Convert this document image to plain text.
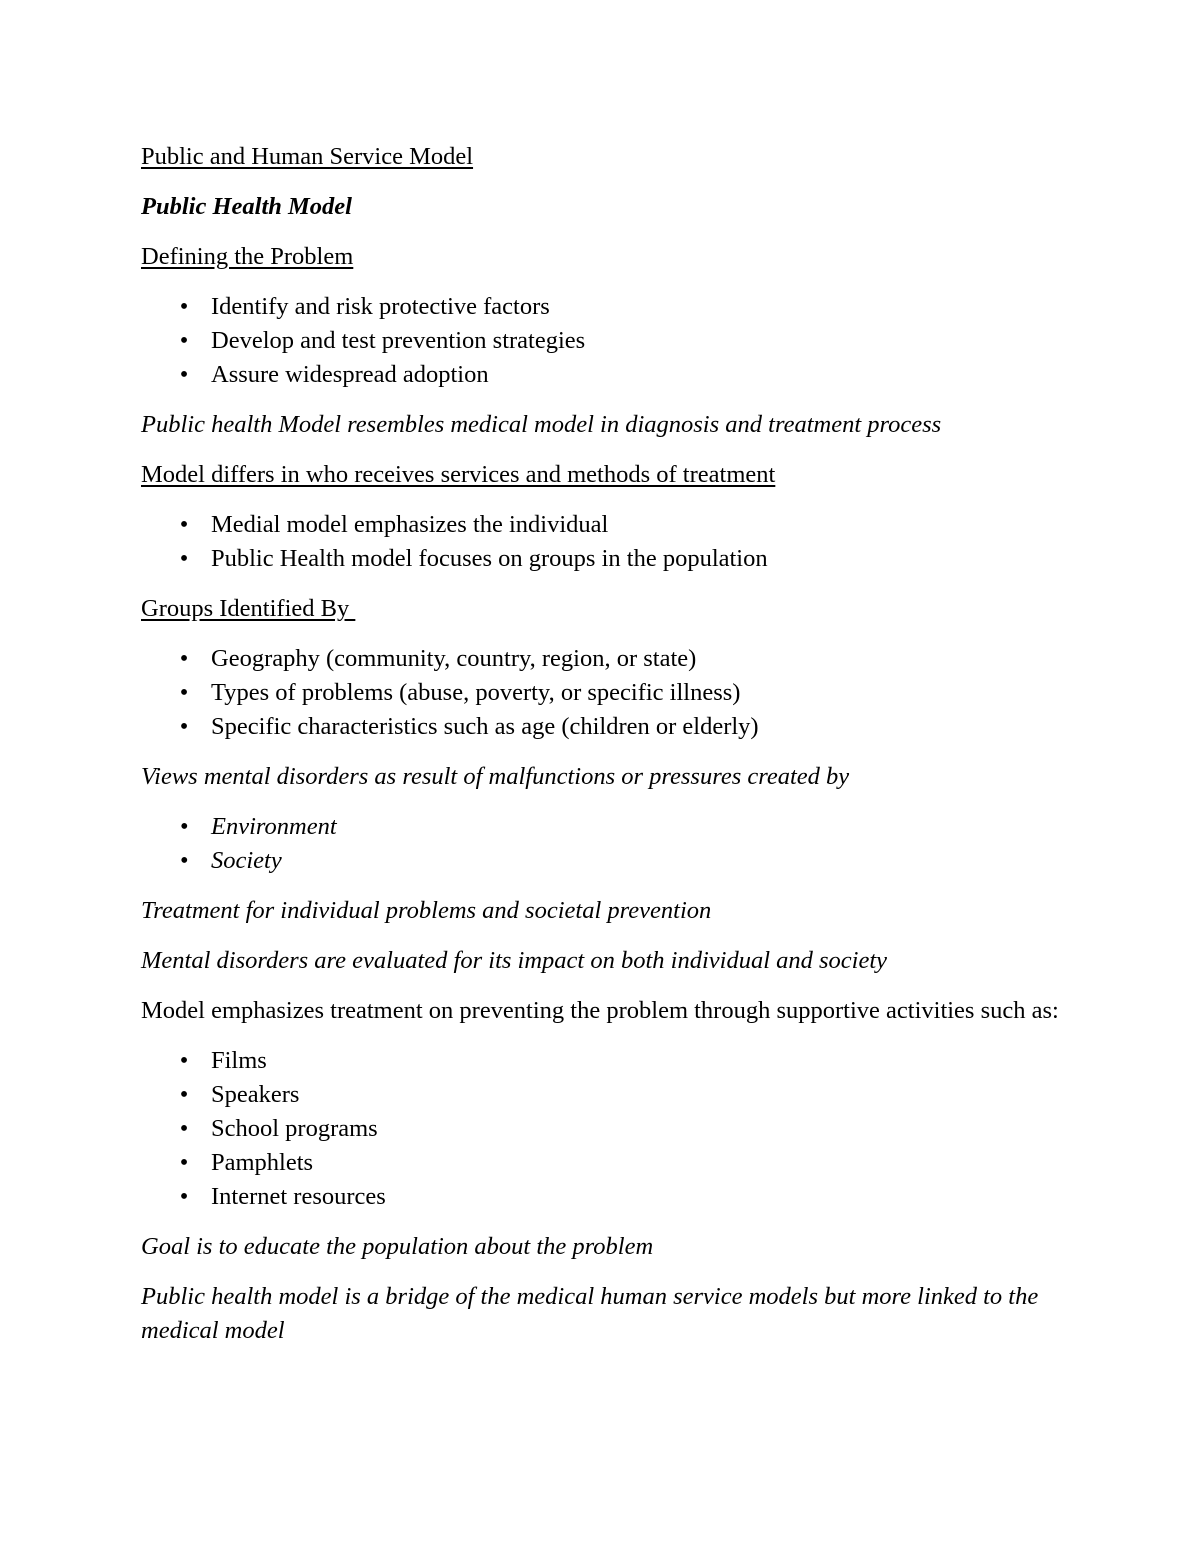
Public and Human Service Model

Public Health Model

Defining the Problem

• Identify and risk protective factors
• Develop and test prevention strategies
• Assure widespread adoption

Public health Model resembles medical model in diagnosis and treatment process

Model differs in who receives services and methods of treatment

• Medial model emphasizes the individual
• Public Health model focuses on groups in the population

Groups Identified By

• Geography (community, country, region, or state)
• Types of problems (abuse, poverty, or specific illness)
• Specific characteristics such as age (children or elderly)

Views mental disorders as result of malfunctions or pressures created by

• Environment
• Society

Treatment for individual problems and societal prevention

Mental disorders are evaluated for its impact on both individual and society

Model emphasizes treatment on preventing the problem through supportive activities such as:

• Films
• Speakers
• School programs
• Pamphlets
• Internet resources

Goal is to educate the population about the problem

Public health model is a bridge of the medical human service models but more linked to the medical model
